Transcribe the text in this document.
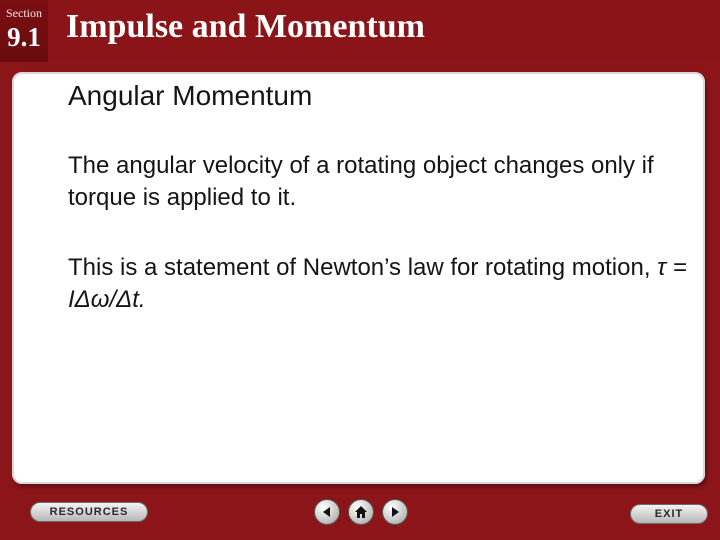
Section
9.1 Impulse and Momentum
Angular Momentum
The angular velocity of a rotating object changes only if torque is applied to it.
This is a statement of Newton’s law for rotating motion, τ = IΔω/Δt.
RESOURCES	EXIT
